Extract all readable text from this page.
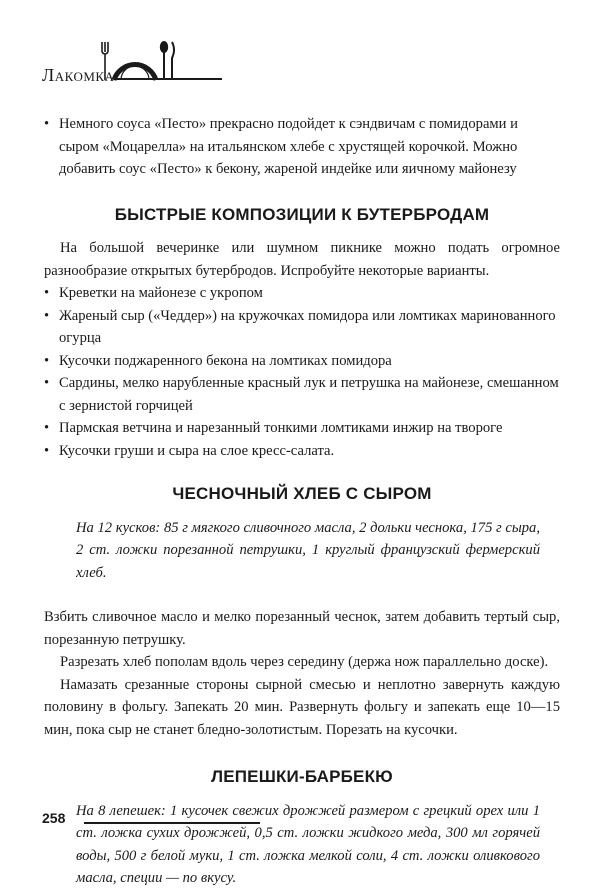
Лакомка

• Немного соуса «Песто» прекрасно подойдет к сэндвичам с помидорами и сыром «Моцарелла» на итальянском хлебе с хрустящей корочкой. Можно добавить соус «Песто» к бекону, жареной индейке или яичному майонезу
БЫСТРЫЕ КОМПОЗИЦИИ К БУТЕРБРОДАМ

На большой вечеринке или шумном пикнике можно подать огромное разнообразие открытых бутербродов. Испробуйте некоторые варианты.

• Креветки на майонезе с укропом
• Жареный сыр («Чеддер») на кружочках помидора или ломтиках маринованного огурца
• Кусочки поджаренного бекона на ломтиках помидора
• Сардины, мелко нарубленные красный лук и петрушка на майонезе, смешанном с зернистой горчицей
• Пармская ветчина и нарезанный тонкими ломтиками инжир на твороге
• Кусочки груши и сыра на слое кресс-салата.
ЧЕСНОЧНЫЙ ХЛЕБ С СЫРОМ

На 12 кусков: 85 г мягкого сливочного масла, 2 дольки чеснока, 175 г сыра, 2 ст. ложки порезанной петрушки, 1 круглый французский фермерский хлеб.

Взбить сливочное масло и мелко порезанный чеснок, затем добавить тертый сыр, порезанную петрушку.

Разрезать хлеб пополам вдоль через середину (держа нож параллельно доске).

Намазать срезанные стороны сырной смесью и неплотно завернуть каждую половину в фольгу. Запекать 20 мин. Развернуть фольгу и запекать еще 10—15 мин, пока сыр не станет бледно-золотистым. Порезать на кусочки.

ЛЕПЕШКИ-БАРБЕКЮ

На 8 лепешек: 1 кусочек свежих дрожжей размером с грецкий орех или 1 ст. ложка сухих дрожжей, 0,5 ст. ложки жидкого меда, 300 мл горячей воды, 500 г белой муки, 1 ст. ложка мелкой соли, 4 ст. ложки оливкового масла, специи — по вкусу.

258
